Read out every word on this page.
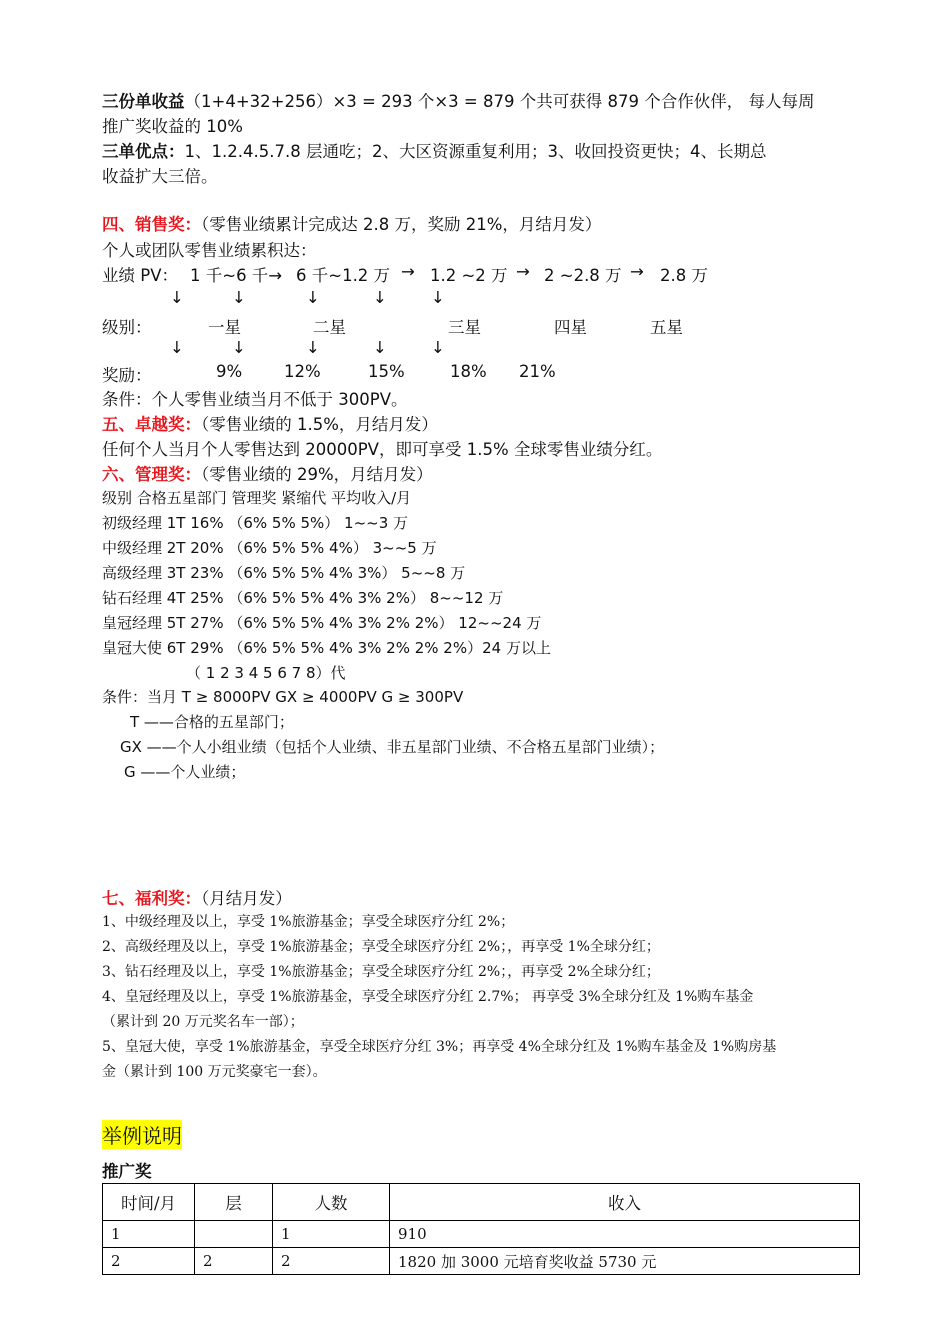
三份单收益（1+4+32+256）×3 = 293 个×3 = 879 个共可获得 879 个合作伙伴， 每人每周
推广奖收益的 10%
三单优点：1、1.2.4.5.7.8 层通吃；2、大区资源重复利用；3、收回投资更快；4、长期总
收益扩大三倍。
四、销售奖：（零售业绩累计完成达 2.8 万，奖励 21%，月结月发）
个人或团队零售业绩累积达：
业绩 PV： 1 千~6 千→ 6 千~1.2 万 → 1.2 ~2 万 → 2 ~2.8 万 → 2.8 万
↓	↓	↓	↓	↓
级别：	一星	二星	三星	四星	五星
↓	↓	↓	↓	↓
奖励：	9%	12%	15%	18% 21%
条件：个人零售业绩当月不低于 300PV。
五、卓越奖：（零售业绩的 1.5%，月结月发）
任何个人当月个人零售达到 20000PV，即可享受 1.5% 全球零售业绩分红。
六、管理奖：（零售业绩的 29%，月结月发）
级别 合格五星部门 管理奖 紧缩代 平均收入/月
初级经理 1T 16% （6% 5% 5%） 1~~3 万
中级经理 2T 20% （6% 5% 5% 4%） 3~~5 万
高级经理 3T 23% （6% 5% 5% 4% 3%） 5~~8 万
钻石经理 4T 25% （6% 5% 5% 4% 3% 2%） 8~~12 万
皇冠经理 5T 27% （6% 5% 5% 4% 3% 2% 2%） 12~~24 万
皇冠大使 6T 29% （6% 5% 5% 4% 3% 2% 2% 2%）24 万以上
（ 1 2 3 4 5 6 7 8）代
条件：当月 T ≥ 8000PV GX ≥ 4000PV G ≥ 300PV
T ——合格的五星部门；
GX ——个人小组业绩（包括个人业绩、非五星部门业绩、不合格五星部门业绩）；
G ——个人业绩；
七、福利奖：（月结月发）
1、中级经理及以上，享受 1%旅游基金；享受全球医疗分红 2%；
2、高级经理及以上，享受 1%旅游基金；享受全球医疗分红 2%；，再享受 1%全球分红；
3、钻石经理及以上，享受 1%旅游基金；享受全球医疗分红 2%；，再享受 2%全球分红；
4、皇冠经理及以上，享受 1%旅游基金，享受全球医疗分红 2.7%； 再享受 3%全球分红及 1%购车基金
（累计到 20 万元奖名车一部）；
5、皇冠大使，享受 1%旅游基金，享受全球医疗分红 3%；再享受 4%全球分红及 1%购车基金及 1%购房基
金（累计到 100 万元奖豪宅一套）。
举例说明
推广奖
时间/月	层	人数	收入
1		1	910
2	2	2	1820 加 3000 元培育奖收益 5730 元
